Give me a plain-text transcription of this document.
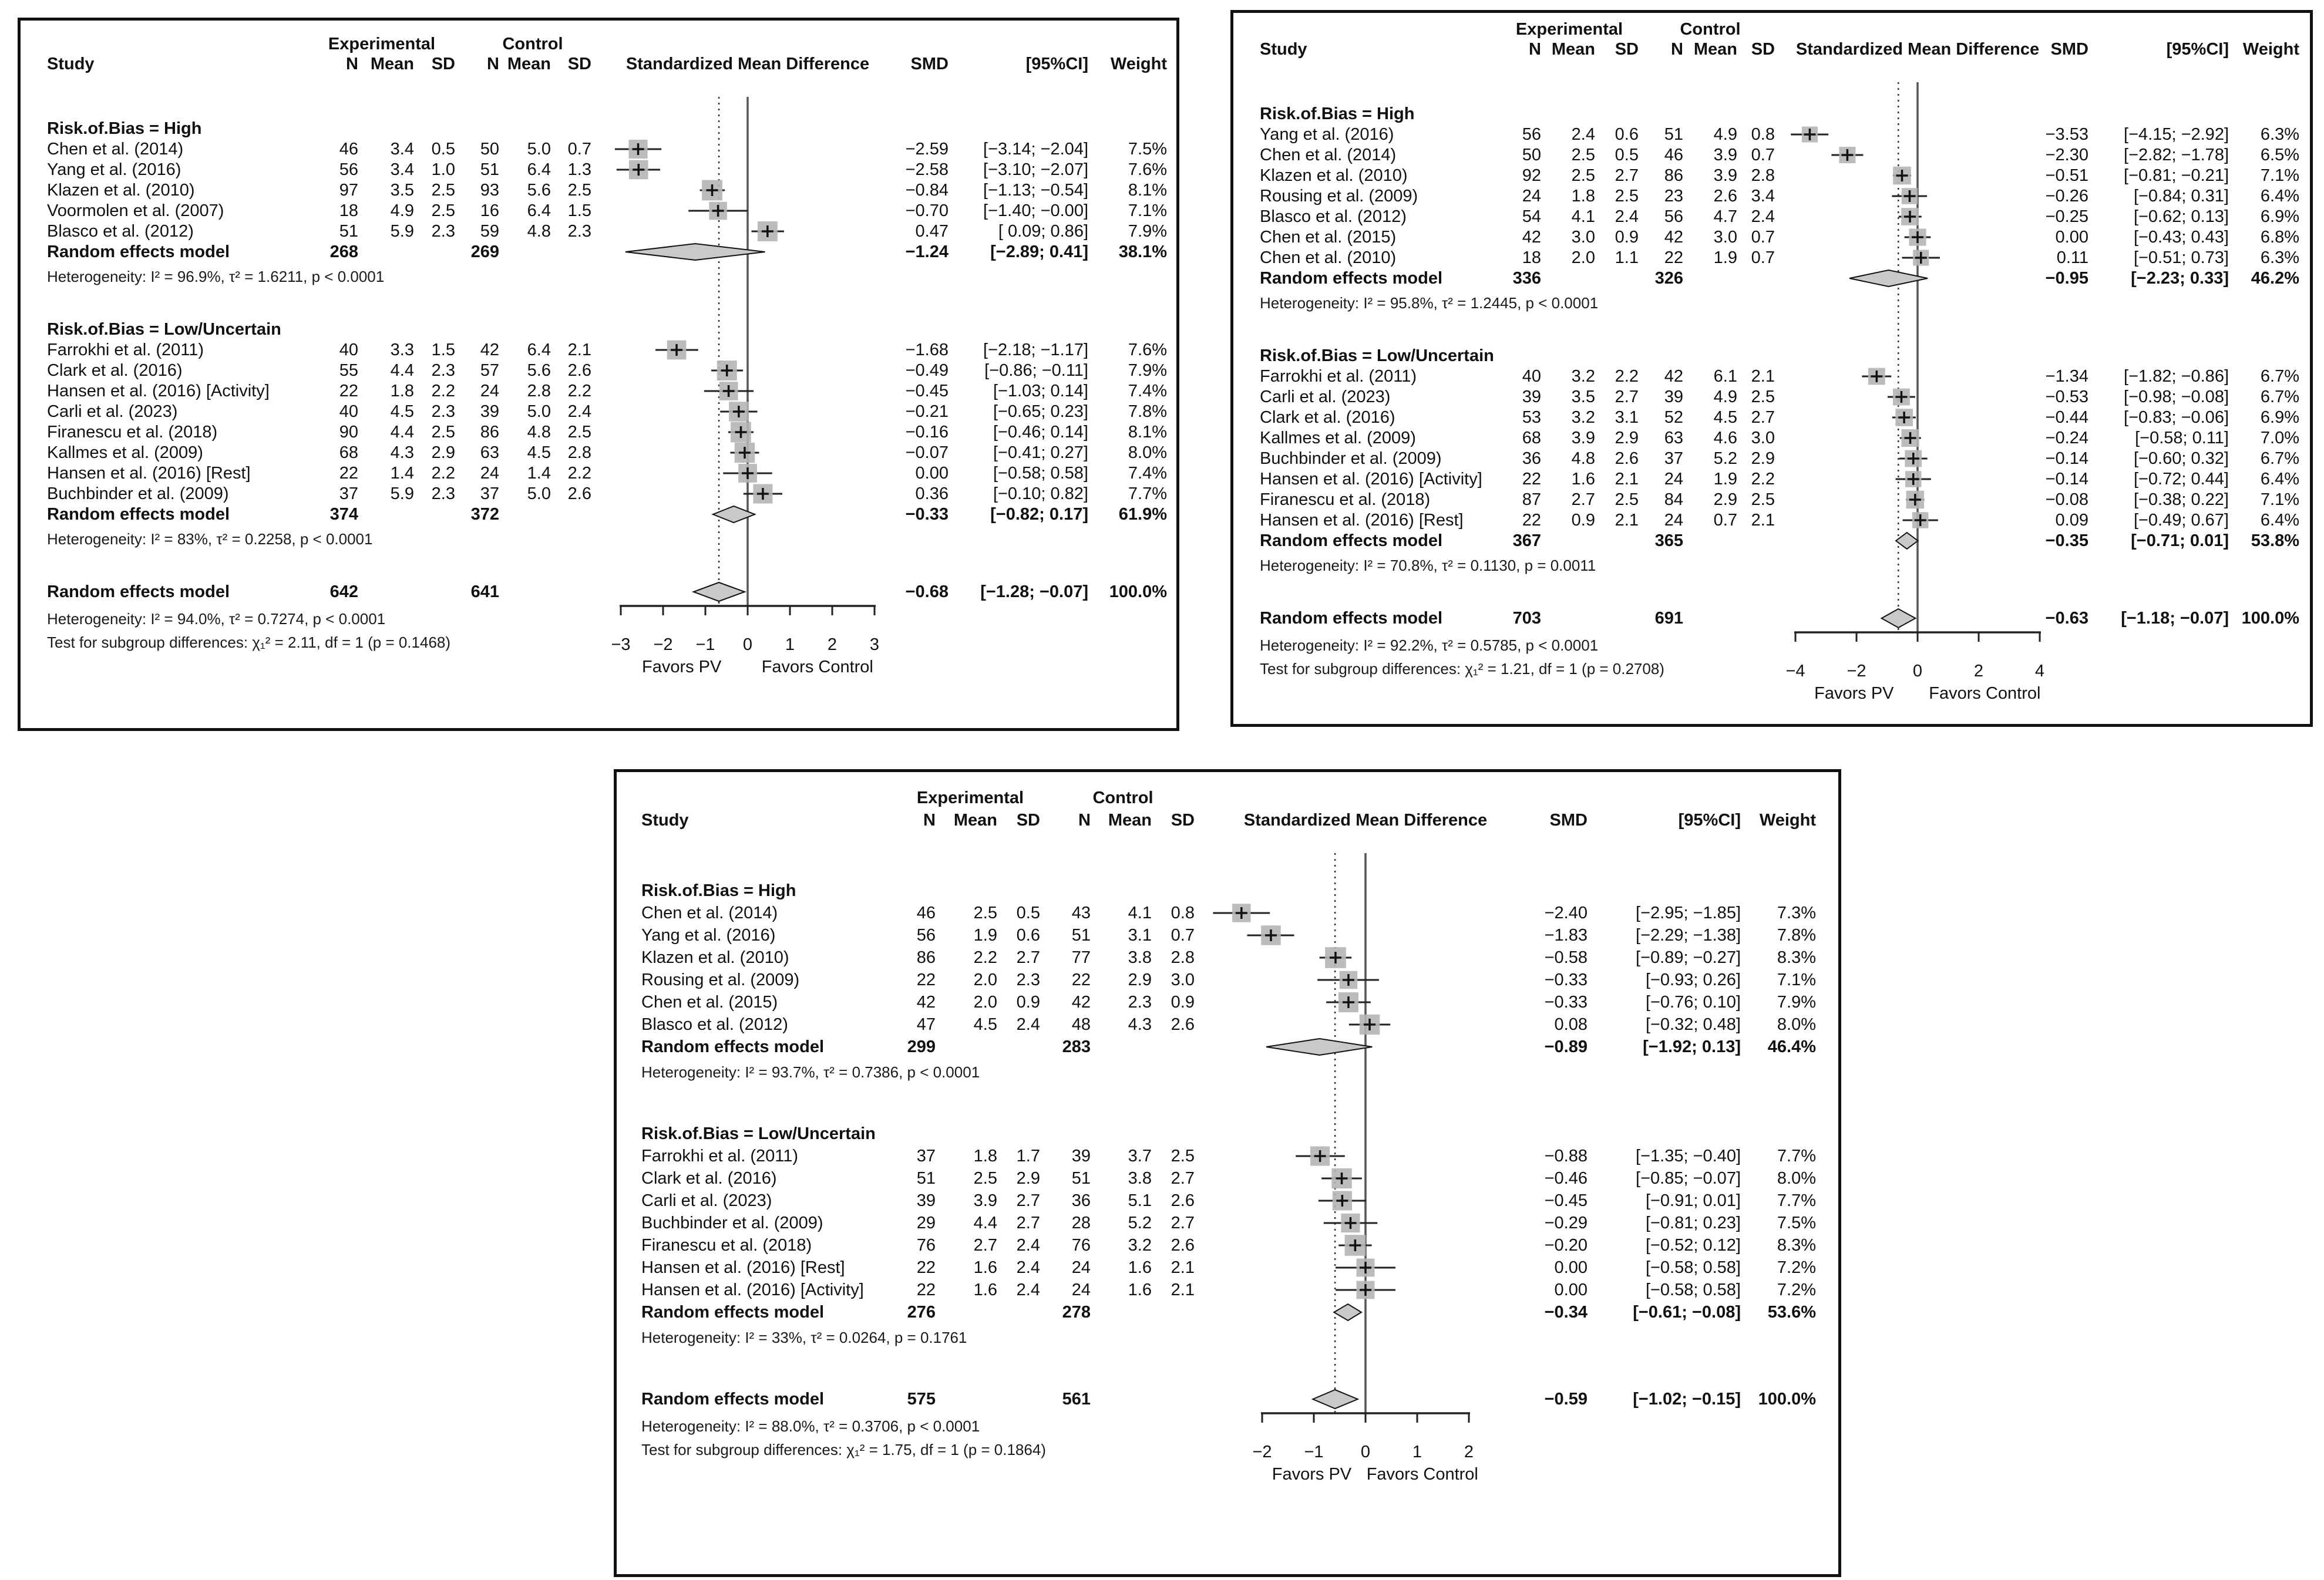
Experimental	Control
Study	N Mean	SD	N Mean SD	Standardized Mean Difference	SMD	[95%CI]	Weight
Risk.of.Bias = High
Chen et al. (2014)	46	3.4	0.5	50	5.0 0.7	−2.59	[−3.14; −2.04]	7.5%
Yang et al. (2016)	56	3.4	1.0	51	6.4 1.3	−2.58	[−3.10; −2.07]	7.6%
Klazen et al. (2010)	97	3.5	2.5	93	5.6 2.5	−0.84	[−1.13; −0.54]	8.1%
Voormolen et al. (2007)	18	4.9	2.5	16	6.4 1.5	−0.70	[−1.40; −0.00]	7.1%
Blasco et al. (2012)	51	5.9	2.3	59	4.8 2.3	0.47	[ 0.09; 0.86]	7.9%
Random effects model	268	269	−1.24	[−2.89; 0.41]	38.1%
Heterogeneity: I² = 96.9%, τ² = 1.6211, p < 0.0001
Risk.of.Bias = Low/Uncertain
Farrokhi et al. (2011)	40	3.3	1.5	42	6.4 2.1	−1.68	[−2.18; −1.17]	7.6%
Clark et al. (2016)	55	4.4	2.3	57	5.6 2.6	−0.49	[−0.86; −0.11]	7.9%
Hansen et al. (2016) [Activity]	22	1.8	2.2	24	2.8 2.2	−0.45	[−1.03; 0.14]	7.4%
Carli et al. (2023)	40	4.5	2.3	39	5.0 2.4	−0.21	[−0.65; 0.23]	7.8%
Firanescu et al. (2018)	90	4.4	2.5	86	4.8 2.5	−0.16	[−0.46; 0.14]	8.1%
Kallmes et al. (2009)	68	4.3	2.9	63	4.5 2.8	−0.07	[−0.41; 0.27]	8.0%
Hansen et al. (2016) [Rest]	22	1.4	2.2	24	1.4 2.2	0.00	[−0.58; 0.58]	7.4%
Buchbinder et al. (2009)	37	5.9	2.3	37	5.0 2.6	0.36	[−0.10; 0.82]	7.7%
Random effects model	374	372	−0.33	[−0.82; 0.17]	61.9%
Heterogeneity: I² = 83%, τ² = 0.2258, p < 0.0001
Random effects model	642	641	−0.68	[−1.28; −0.07]	100.0%
Heterogeneity: I² = 94.0%, τ² = 0.7274, p < 0.0001
Test for subgroup differences: χ₁² = 2.11, df = 1 (p = 0.1468)	−3	−2	−1	0	1	2	3
Favors PV	Favors Control
Experimental	Control
Study	N Mean	SD	N Mean SD	Standardized Mean Difference SMD	[95%CI] Weight
Risk.of.Bias = High
Yang et al. (2016)	56	2.4	0.6	51	4.9 0.8	−3.53	[−4.15; −2.92]	6.3%
Chen et al. (2014)	50	2.5	0.5	46	3.9 0.7	−2.30	[−2.82; −1.78]	6.5%
Klazen et al. (2010)	92	2.5	2.7	86	3.9 2.8	−0.51	[−0.81; −0.21]	7.1%
Rousing et al. (2009)	24	1.8	2.5	23	2.6 3.4	−0.26	[−0.84; 0.31]	6.4%
Blasco et al. (2012)	54	4.1	2.4	56	4.7 2.4	−0.25	[−0.62; 0.13]	6.9%
Chen et al. (2015)	42	3.0	0.9	42	3.0 0.7	0.00	[−0.43; 0.43]	6.8%
Chen et al. (2010)	18	2.0	1.1	22	1.9 0.7	0.11	[−0.51; 0.73]	6.3%
Random effects model	336	326	−0.95	[−2.23; 0.33]	46.2%
Heterogeneity: I² = 95.8%, τ² = 1.2445, p < 0.0001
Risk.of.Bias = Low/Uncertain
Farrokhi et al. (2011)	40	3.2	2.2	42	6.1 2.1	−1.34	[−1.82; −0.86]	6.7%
Carli et al. (2023)	39	3.5	2.7	39	4.9 2.5	−0.53	[−0.98; −0.08]	6.7%
Clark et al. (2016)	53	3.2	3.1	52	4.5 2.7	−0.44	[−0.83; −0.06]	6.9%
Kallmes et al. (2009)	68	3.9	2.9	63	4.6 3.0	−0.24	[−0.58; 0.11]	7.0%
Buchbinder et al. (2009)	36	4.8	2.6	37	5.2 2.9	−0.14	[−0.60; 0.32]	6.7%
Hansen et al. (2016) [Activity]	22	1.6	2.1	24	1.9 2.2	−0.14	[−0.72; 0.44]	6.4%
Firanescu et al. (2018)	87	2.7	2.5	84	2.9 2.5	−0.08	[−0.38; 0.22]	7.1%
Hansen et al. (2016) [Rest]	22	0.9	2.1	24	0.7 2.1	0.09	[−0.49; 0.67]	6.4%
Random effects model	367	365	−0.35	[−0.71; 0.01]	53.8%
Heterogeneity: I² = 70.8%, τ² = 0.1130, p = 0.0011
Random effects model	703	691	−0.63	[−1.18; −0.07] 100.0%
Heterogeneity: I² = 92.2%, τ² = 0.5785, p < 0.0001
Test for subgroup differences: χ₁² = 1.21, df = 1 (p = 0.2708)	−4	−2	0	2	4
Favors PV	Favors Control
Experimental	Control
Study	N	Mean	SD	N	Mean	SD	Standardized Mean Difference	SMD	[95%CI]	Weight
Risk.of.Bias = High
Chen et al. (2014)	46	2.5	0.5	43	4.1	0.8	−2.40	[−2.95; −1.85]	7.3%
Yang et al. (2016)	56	1.9	0.6	51	3.1	0.7	−1.83	[−2.29; −1.38]	7.8%
Klazen et al. (2010)	86	2.2	2.7	77	3.8	2.8	−0.58	[−0.89; −0.27]	8.3%
Rousing et al. (2009)	22	2.0	2.3	22	2.9	3.0	−0.33	[−0.93; 0.26]	7.1%
Chen et al. (2015)	42	2.0	0.9	42	2.3	0.9	−0.33	[−0.76; 0.10]	7.9%
Blasco et al. (2012)	47	4.5	2.4	48	4.3	2.6	0.08	[−0.32; 0.48]	8.0%
Random effects model	299	283	−0.89	[−1.92; 0.13]	46.4%
Heterogeneity: I² = 93.7%, τ² = 0.7386, p < 0.0001
Risk.of.Bias = Low/Uncertain
Farrokhi et al. (2011)	37	1.8	1.7	39	3.7	2.5	−0.88	[−1.35; −0.40]	7.7%
Clark et al. (2016)	51	2.5	2.9	51	3.8	2.7	−0.46	[−0.85; −0.07]	8.0%
Carli et al. (2023)	39	3.9	2.7	36	5.1	2.6	−0.45	[−0.91; 0.01]	7.7%
Buchbinder et al. (2009)	29	4.4	2.7	28	5.2	2.7	−0.29	[−0.81; 0.23]	7.5%
Firanescu et al. (2018)	76	2.7	2.4	76	3.2	2.6	−0.20	[−0.52; 0.12]	8.3%
Hansen et al. (2016) [Rest]	22	1.6	2.4	24	1.6	2.1	0.00	[−0.58; 0.58]	7.2%
Hansen et al. (2016) [Activity]	22	1.6	2.4	24	1.6	2.1	0.00	[−0.58; 0.58]	7.2%
Random effects model	276	278	−0.34	[−0.61; −0.08]	53.6%
Heterogeneity: I² = 33%, τ² = 0.0264, p = 0.1761
Random effects model	575	561	−0.59	[−1.02; −0.15]	100.0%
Heterogeneity: I² = 88.0%, τ² = 0.3706, p < 0.0001
Test for subgroup differences: χ₁² = 1.75, df = 1 (p = 0.1864)	−2	−1	0	1	2
Favors PV Favors Control
